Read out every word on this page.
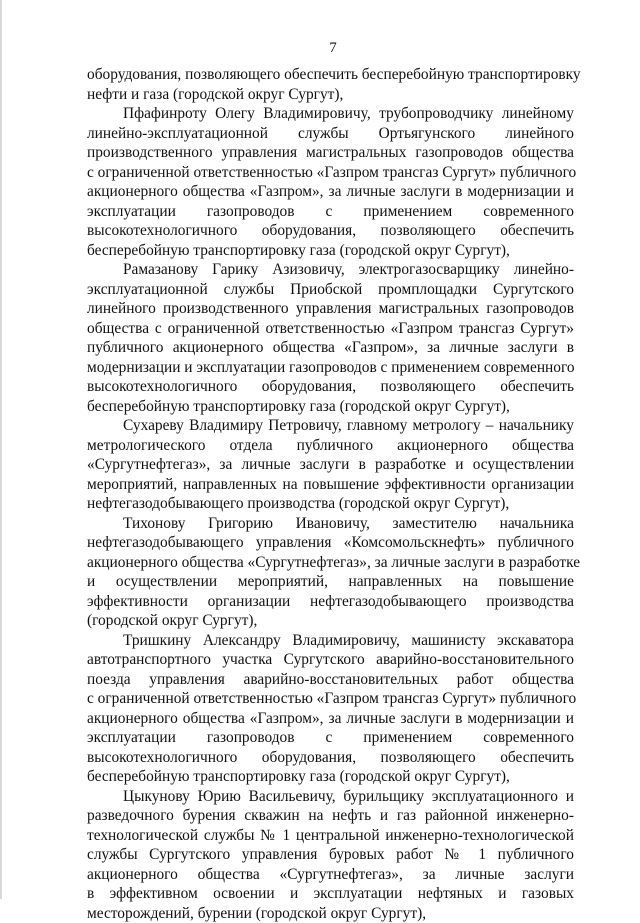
7
оборудования, позволяющего обеспечить бесперебойную транспортировку
нефти и газа (городской округ Сургут),
Пфафинроту Олегу Владимировичу, трубопроводчику линейному
линейно-эксплуатационной службы Ортьягунского линейного
производственного управления магистральных газопроводов общества
с ограниченной ответственностью «Газпром трансгаз Сургут» публичного
акционерного общества «Газпром», за личные заслуги в модернизации и
эксплуатации газопроводов с применением современного
высокотехнологичного оборудования, позволяющего обеспечить
бесперебойную транспортировку газа (городской округ Сургут),
Рамазанову Гарику Азизовичу, электрогазосварщику линейно-
эксплуатационной службы Приобской промплощадки Сургутского
линейного производственного управления магистральных газопроводов
общества с ограниченной ответственностью «Газпром трансгаз Сургут»
публичного акционерного общества «Газпром», за личные заслуги в
модернизации и эксплуатации газопроводов с применением современного
высокотехнологичного оборудования, позволяющего обеспечить
бесперебойную транспортировку газа (городской округ Сургут),
Сухареву Владимиру Петровичу, главному метрологу – начальнику
метрологического отдела публичного акционерного общества
«Сургутнефтегаз», за личные заслуги в разработке и осуществлении
мероприятий, направленных на повышение эффективности организации
нефтегазодобывающего производства (городской округ Сургут),
Тихонову Григорию Ивановичу, заместителю начальника
нефтегазодобывающего управления «Комсомольскнефть» публичного
акционерного общества «Сургутнефтегаз», за личные заслуги в разработке
и осуществлении мероприятий, направленных на повышение
эффективности организации нефтегазодобывающего производства
(городской округ Сургут),
Тришкину Александру Владимировичу, машинисту экскаватора
автотранспортного участка Сургутского аварийно-восстановительного
поезда управления аварийно-восстановительных работ общества
с ограниченной ответственностью «Газпром трансгаз Сургут» публичного
акционерного общества «Газпром», за личные заслуги в модернизации и
эксплуатации газопроводов с применением современного
высокотехнологичного оборудования, позволяющего обеспечить
бесперебойную транспортировку газа (городской округ Сургут),
Цыкунову Юрию Васильевичу, бурильщику эксплуатационного и
разведочного бурения скважин на нефть и газ районной инженерно-
технологической службы № 1 центральной инженерно-технологической
службы Сургутского управления буровых работ № 1 публичного
акционерного общества «Сургутнефтегаз», за личные заслуги
в эффективном освоении и эксплуатации нефтяных и газовых
месторождений, бурении (городской округ Сургут),
